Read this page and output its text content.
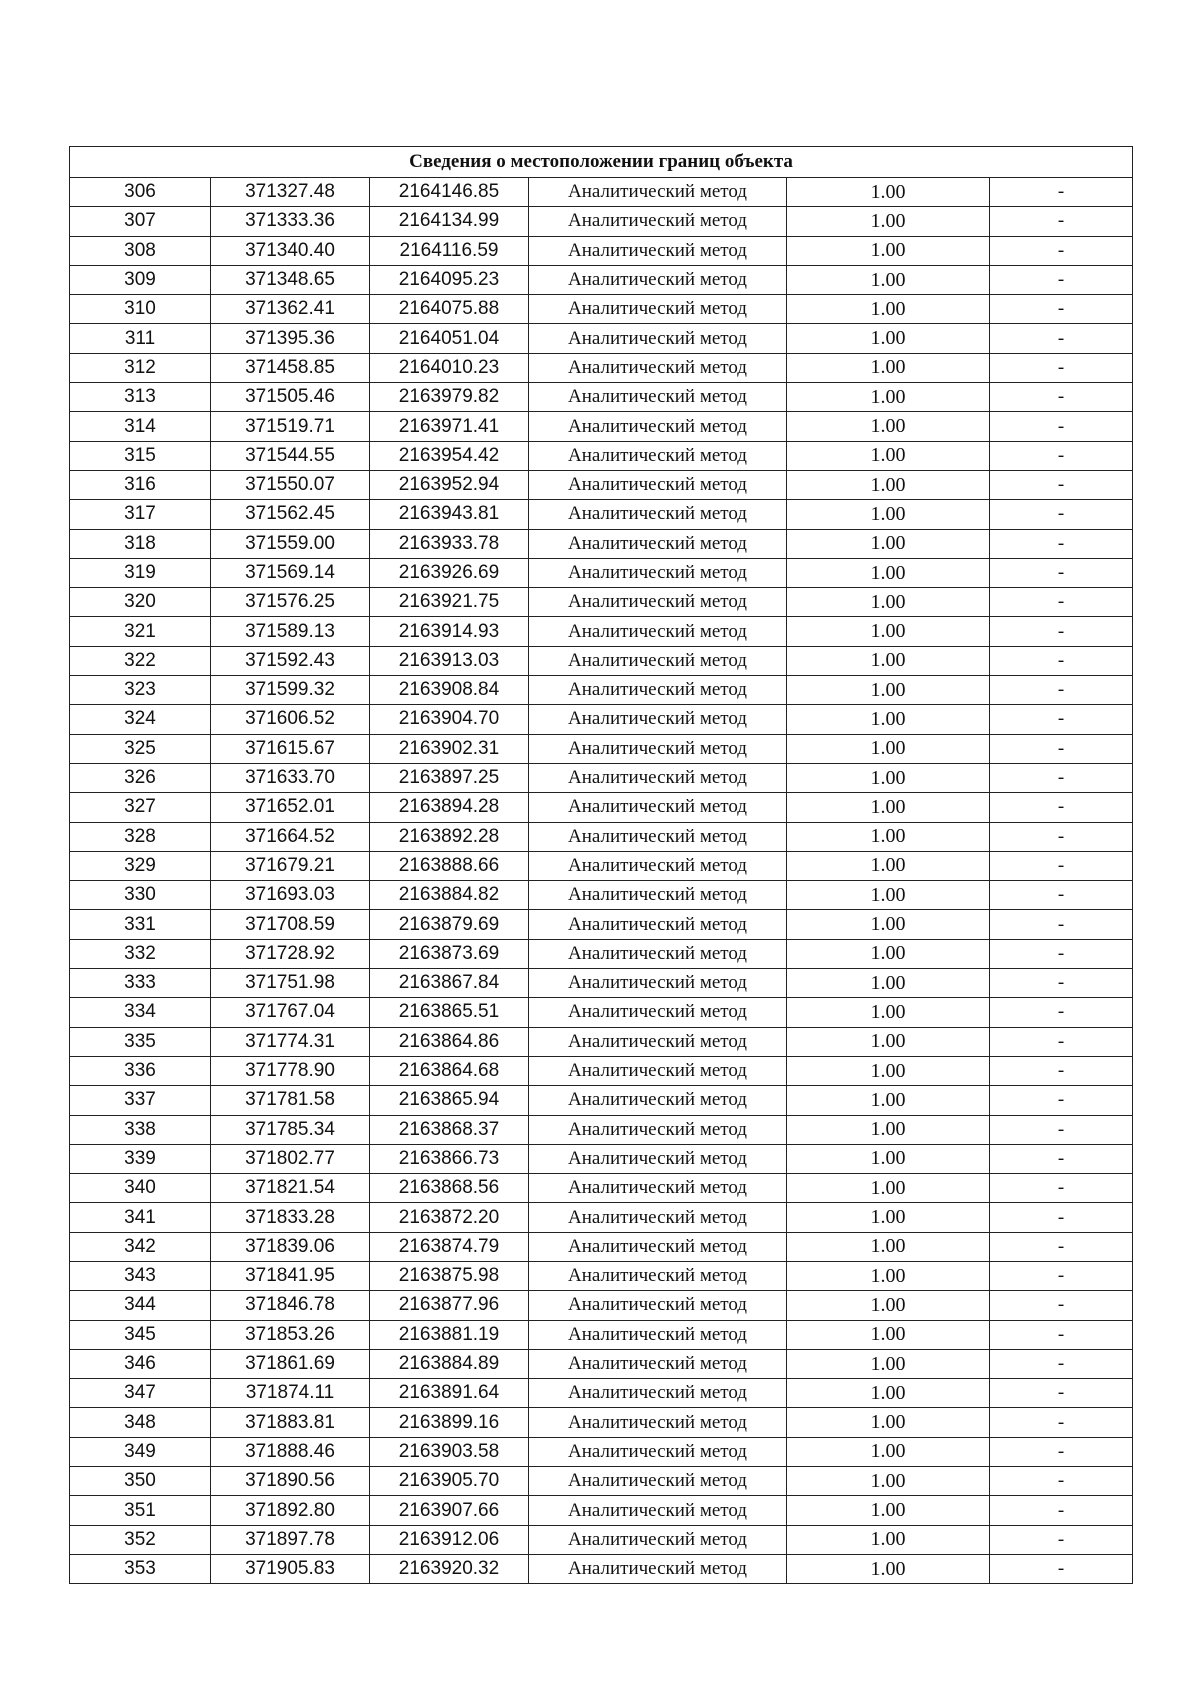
Сведения о местоположении границ объекта					
306	371327.48	2164146.85	Аналитический метод	1.00	-
307	371333.36	2164134.99	Аналитический метод	1.00	-
308	371340.40	2164116.59	Аналитический метод	1.00	-
309	371348.65	2164095.23	Аналитический метод	1.00	-
310	371362.41	2164075.88	Аналитический метод	1.00	-
311	371395.36	2164051.04	Аналитический метод	1.00	-
312	371458.85	2164010.23	Аналитический метод	1.00	-
313	371505.46	2163979.82	Аналитический метод	1.00	-
314	371519.71	2163971.41	Аналитический метод	1.00	-
315	371544.55	2163954.42	Аналитический метод	1.00	-
316	371550.07	2163952.94	Аналитический метод	1.00	-
317	371562.45	2163943.81	Аналитический метод	1.00	-
318	371559.00	2163933.78	Аналитический метод	1.00	-
319	371569.14	2163926.69	Аналитический метод	1.00	-
320	371576.25	2163921.75	Аналитический метод	1.00	-
321	371589.13	2163914.93	Аналитический метод	1.00	-
322	371592.43	2163913.03	Аналитический метод	1.00	-
323	371599.32	2163908.84	Аналитический метод	1.00	-
324	371606.52	2163904.70	Аналитический метод	1.00	-
325	371615.67	2163902.31	Аналитический метод	1.00	-
326	371633.70	2163897.25	Аналитический метод	1.00	-
327	371652.01	2163894.28	Аналитический метод	1.00	-
328	371664.52	2163892.28	Аналитический метод	1.00	-
329	371679.21	2163888.66	Аналитический метод	1.00	-
330	371693.03	2163884.82	Аналитический метод	1.00	-
331	371708.59	2163879.69	Аналитический метод	1.00	-
332	371728.92	2163873.69	Аналитический метод	1.00	-
333	371751.98	2163867.84	Аналитический метод	1.00	-
334	371767.04	2163865.51	Аналитический метод	1.00	-
335	371774.31	2163864.86	Аналитический метод	1.00	-
336	371778.90	2163864.68	Аналитический метод	1.00	-
337	371781.58	2163865.94	Аналитический метод	1.00	-
338	371785.34	2163868.37	Аналитический метод	1.00	-
339	371802.77	2163866.73	Аналитический метод	1.00	-
340	371821.54	2163868.56	Аналитический метод	1.00	-
341	371833.28	2163872.20	Аналитический метод	1.00	-
342	371839.06	2163874.79	Аналитический метод	1.00	-
343	371841.95	2163875.98	Аналитический метод	1.00	-
344	371846.78	2163877.96	Аналитический метод	1.00	-
345	371853.26	2163881.19	Аналитический метод	1.00	-
346	371861.69	2163884.89	Аналитический метод	1.00	-
347	371874.11	2163891.64	Аналитический метод	1.00	-
348	371883.81	2163899.16	Аналитический метод	1.00	-
349	371888.46	2163903.58	Аналитический метод	1.00	-
350	371890.56	2163905.70	Аналитический метод	1.00	-
351	371892.80	2163907.66	Аналитический метод	1.00	-
352	371897.78	2163912.06	Аналитический метод	1.00	-
353	371905.83	2163920.32	Аналитический метод	1.00	-
